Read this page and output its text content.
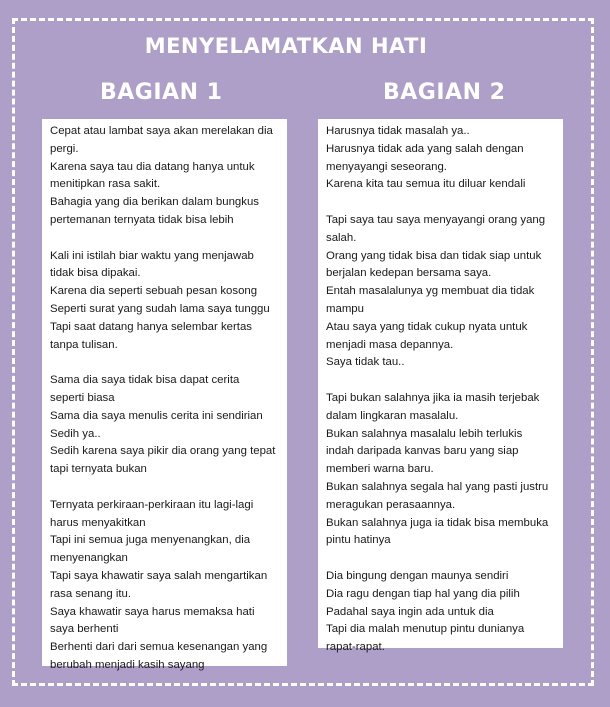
MENYELAMATKAN HATI
BAGIAN 1	BAGIAN 2
Cepat atau lambat saya akan merelakan dia
pergi.
Karena saya tau dia datang hanya untuk
menitipkan rasa sakit.
Bahagia yang dia berikan dalam bungkus
pertemanan ternyata tidak bisa lebih
Kali ini istilah biar waktu yang menjawab
tidak bisa dipakai.
Karena dia seperti sebuah pesan kosong
Seperti surat yang sudah lama saya tunggu
Tapi saat datang hanya selembar kertas
tanpa tulisan.
Sama dia saya tidak bisa dapat cerita
seperti biasa
Sama dia saya menulis cerita ini sendirian
Sedih ya..
Sedih karena saya pikir dia orang yang tepat
tapi ternyata bukan
Ternyata perkiraan-perkiraan itu lagi-lagi
harus menyakitkan
Tapi ini semua juga menyenangkan, dia
menyenangkan
Tapi saya khawatir saya salah mengartikan
rasa senang itu.
Saya khawatir saya harus memaksa hati
saya berhenti
Berhenti dari dari semua kesenangan yang
berubah menjadi kasih sayang
Harusnya tidak masalah ya..
Harusnya tidak ada yang salah dengan
menyayangi seseorang.
Karena kita tau semua itu diluar kendali
Tapi saya tau saya menyayangi orang yang
salah.
Orang yang tidak bisa dan tidak siap untuk
berjalan kedepan bersama saya.
Entah masalalunya yg membuat dia tidak
mampu
Atau saya yang tidak cukup nyata untuk
menjadi masa depannya.
Saya tidak tau..
Tapi bukan salahnya jika ia masih terjebak
dalam lingkaran masalalu.
Bukan salahnya masalalu lebih terlukis
indah daripada kanvas baru yang siap
memberi warna baru.
Bukan salahnya segala hal yang pasti justru
meragukan perasaannya.
Bukan salahnya juga ia tidak bisa membuka
pintu hatinya
Dia bingung dengan maunya sendiri
Dia ragu dengan tiap hal yang dia pilih
Padahal saya ingin ada untuk dia
Tapi dia malah menutup pintu dunianya
rapat-rapat.
